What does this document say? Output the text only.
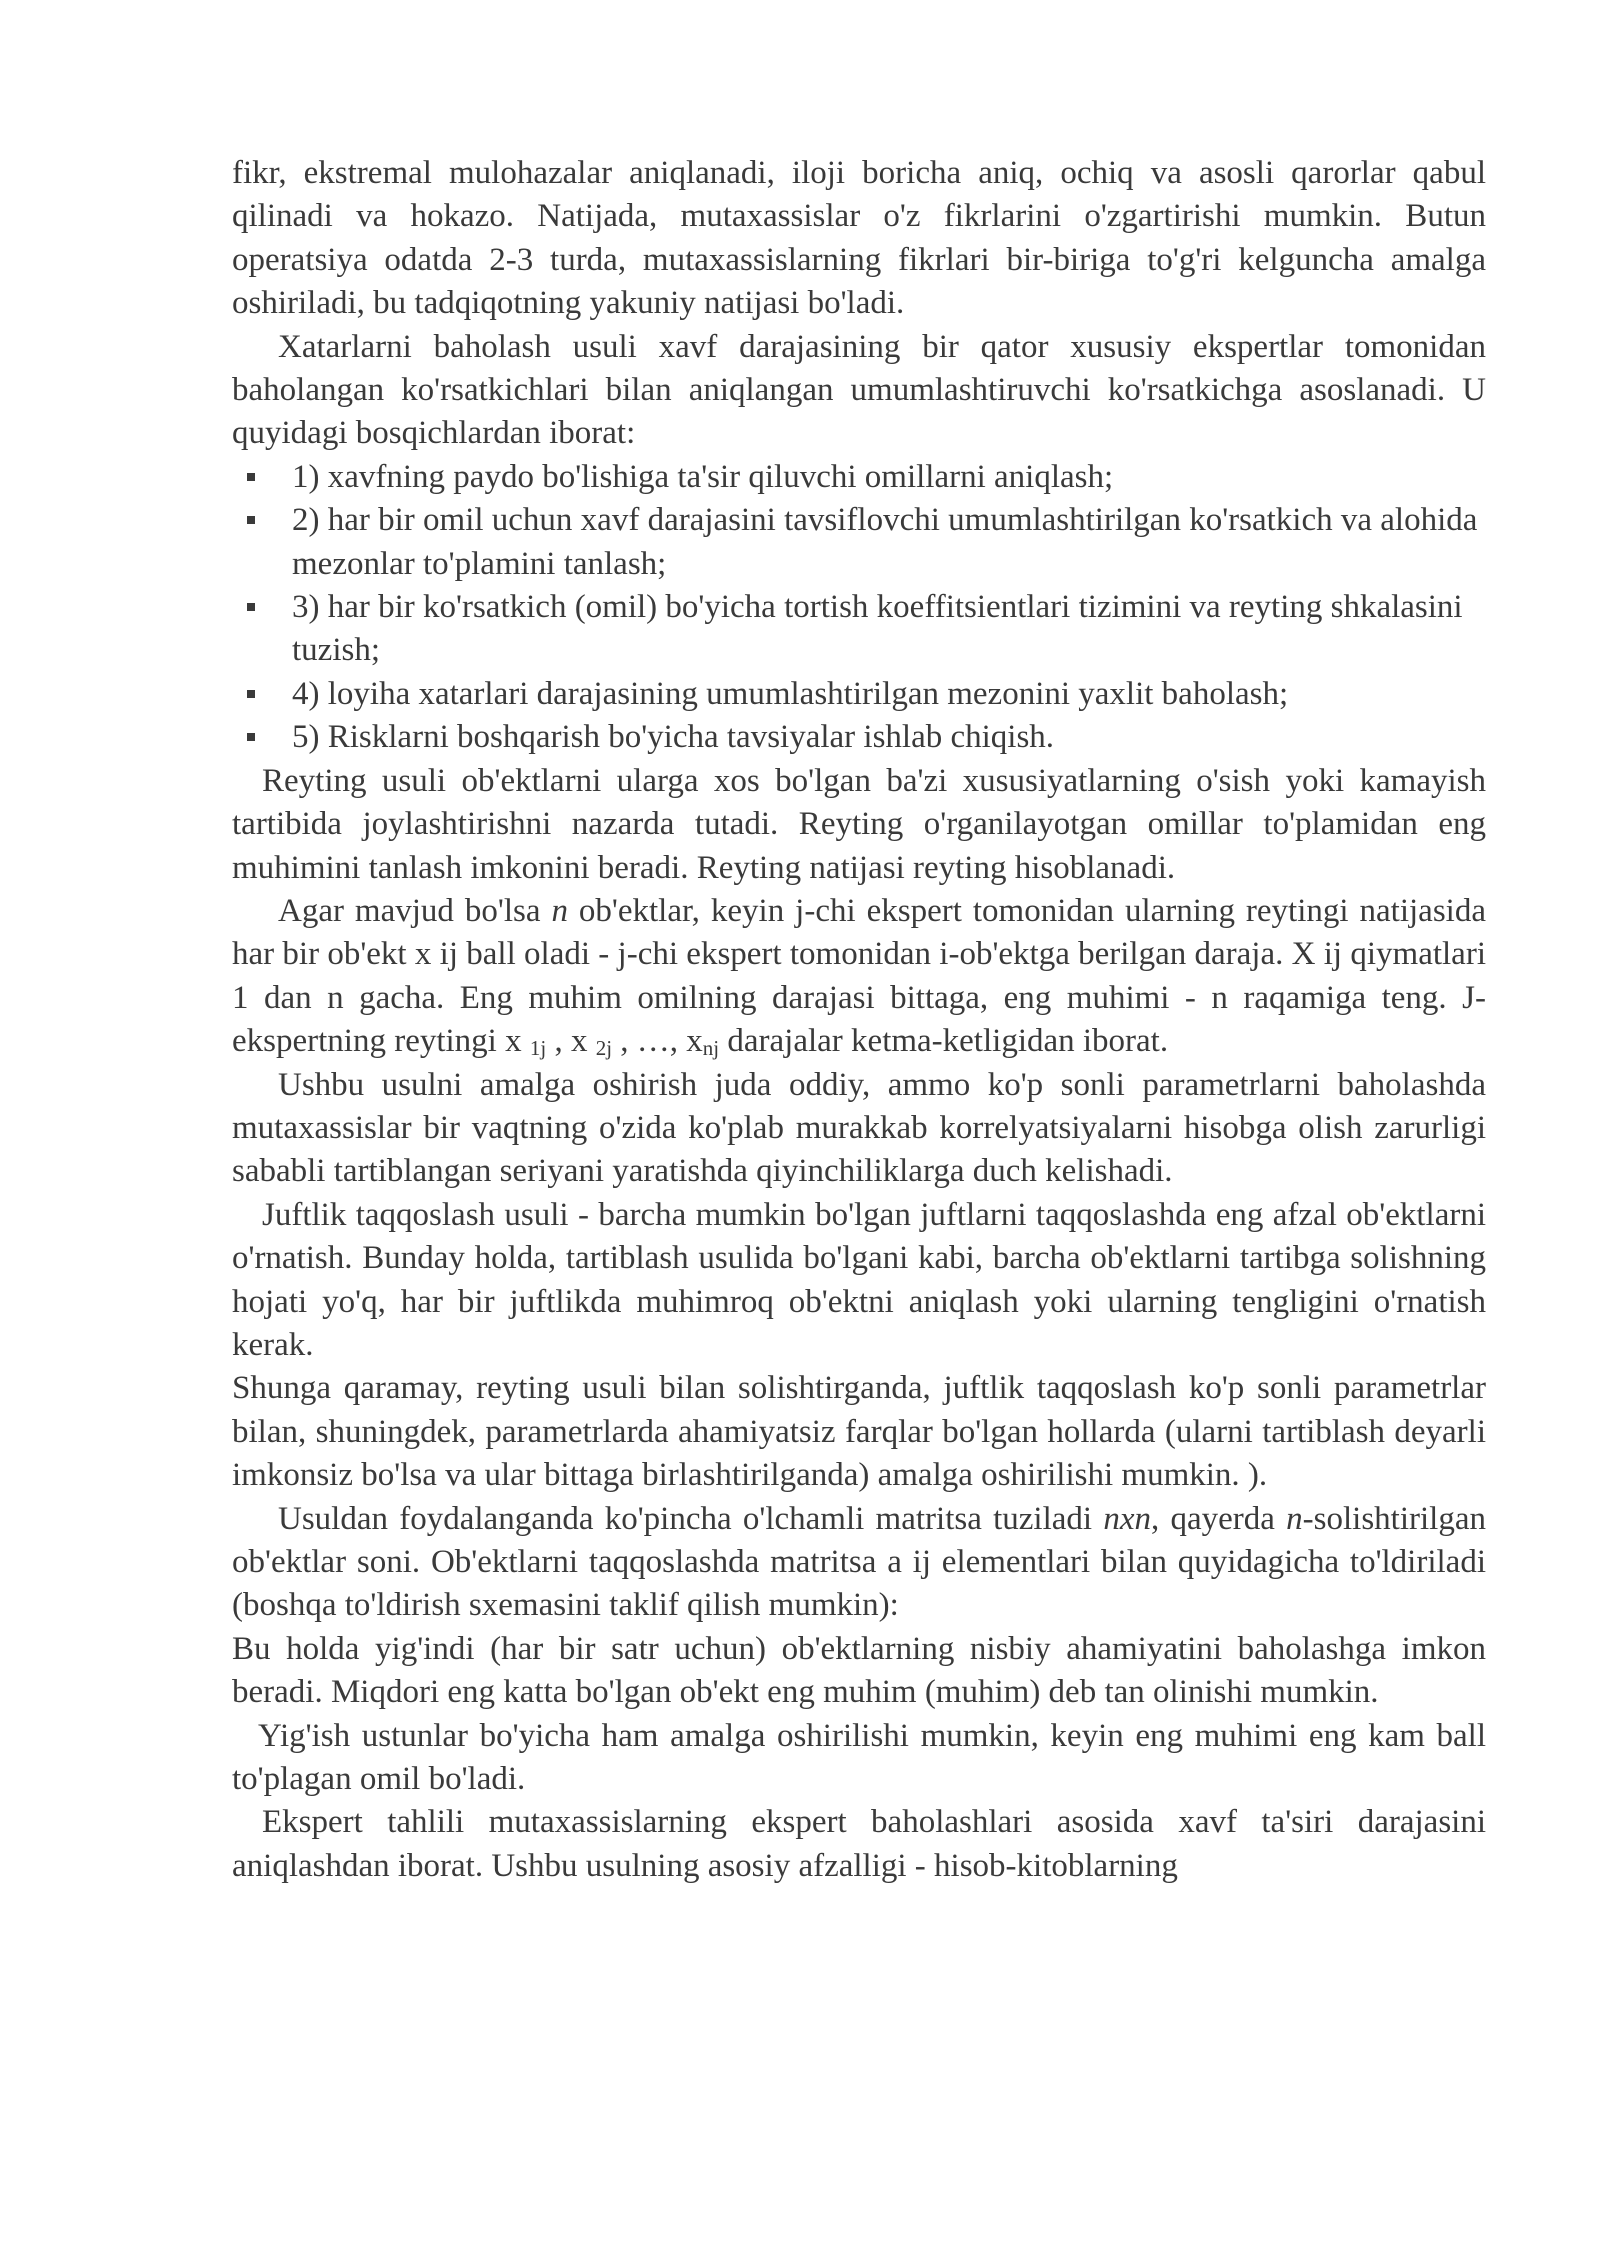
fikr, ekstremal mulohazalar aniqlanadi, iloji boricha aniq, ochiq va asosli qarorlar qabul qilinadi va hokazo. Natijada, mutaxassislar o'z fikrlarini o'zgartirishi mumkin. Butun operatsiya odatda 2-3 turda, mutaxassislarning fikrlari bir-biriga to'g'ri kelguncha amalga oshiriladi, bu tadqiqotning yakuniy natijasi bo'ladi.

Xatarlarni baholash usuli xavf darajasining bir qator xususiy ekspertlar tomonidan baholangan ko'rsatkichlari bilan aniqlangan umumlashtiruvchi ko'rsatkichga asoslanadi. U quyidagi bosqichlardan iborat:

1) xavfning paydo bo'lishiga ta'sir qiluvchi omillarni aniqlash;
2) har bir omil uchun xavf darajasini tavsiflovchi umumlashtirilgan ko'rsatkich va alohida mezonlar to'plamini tanlash;
3) har bir ko'rsatkich (omil) bo'yicha tortish koeffitsientlari tizimini va reyting shkalasini tuzish;
4) loyiha xatarlari darajasining umumlashtirilgan mezonini yaxlit baholash;
5) Risklarni boshqarish bo'yicha tavsiyalar ishlab chiqish.

Reyting usuli ob'ektlarni ularga xos bo'lgan ba'zi xususiyatlarning o'sish yoki kamayish tartibida joylashtirishni nazarda tutadi. Reyting o'rganilayotgan omillar to'plamidan eng muhimini tanlash imkonini beradi. Reyting natijasi reyting hisoblanadi.

Agar mavjud bo'lsa n ob'ektlar, keyin j-chi ekspert tomonidan ularning reytingi natijasida har bir ob'ekt x ij ball oladi - j-chi ekspert tomonidan i-ob'ektga berilgan daraja. X ij qiymatlari 1 dan n gacha. Eng muhim omilning darajasi bittaga, eng muhimi - n raqamiga teng. J-ekspertning reytingi x $_{1j}$ , x $_{2j}$ , …, $x_{nj}$ darajalar ketma-ketligidan iborat.

Ushbu usulni amalga oshirish juda oddiy, ammo ko'p sonli parametrlarni baholashda mutaxassislar bir vaqtning o'zida ko'plab murakkab korrelyatsiyalarni hisobga olish zarurligi sababli tartiblangan seriyani yaratishda qiyinchiliklarga duch kelishadi.

Juftlik taqqoslash usuli - barcha mumkin bo'lgan juftlarni taqqoslashda eng afzal ob'ektlarni o'rnatish. Bunday holda, tartiblash usulida bo'lgani kabi, barcha ob'ektlarni tartibga solishning hojati yo'q, har bir juftlikda muhimroq ob'ektni aniqlash yoki ularning tengligini o'rnatish kerak.

Shunga qaramay, reyting usuli bilan solishtirganda, juftlik taqqoslash ko'p sonli parametrlar bilan, shuningdek, parametrlarda ahamiyatsiz farqlar bo'lgan hollarda (ularni tartiblash deyarli imkonsiz bo'lsa va ular bittaga birlashtirilganda) amalga oshirilishi mumkin. ).

Usuldan foydalanganda ko'pincha o'lchamli matritsa tuziladi nxn, qayerda n-solishtirilgan ob'ektlar soni. Ob'ektlarni taqqoslashda matritsa a ij elementlari bilan quyidagicha to'ldiriladi (boshqa to'ldirish sxemasini taklif qilish mumkin):

Bu holda yig'indi (har bir satr uchun) ob'ektlarning nisbiy ahamiyatini baholashga imkon beradi. Miqdori eng katta bo'lgan ob'ekt eng muhim (muhim) deb tan olinishi mumkin.

Yig'ish ustunlar bo'yicha ham amalga oshirilishi mumkin, keyin eng muhimi eng kam ball to'plagan omil bo'ladi.

Ekspert tahlili mutaxassislarning ekspert baholashlari asosida xavf ta'siri darajasini aniqlashdan iborat. Ushbu usulning asosiy afzalligi - hisob-kitoblarning
